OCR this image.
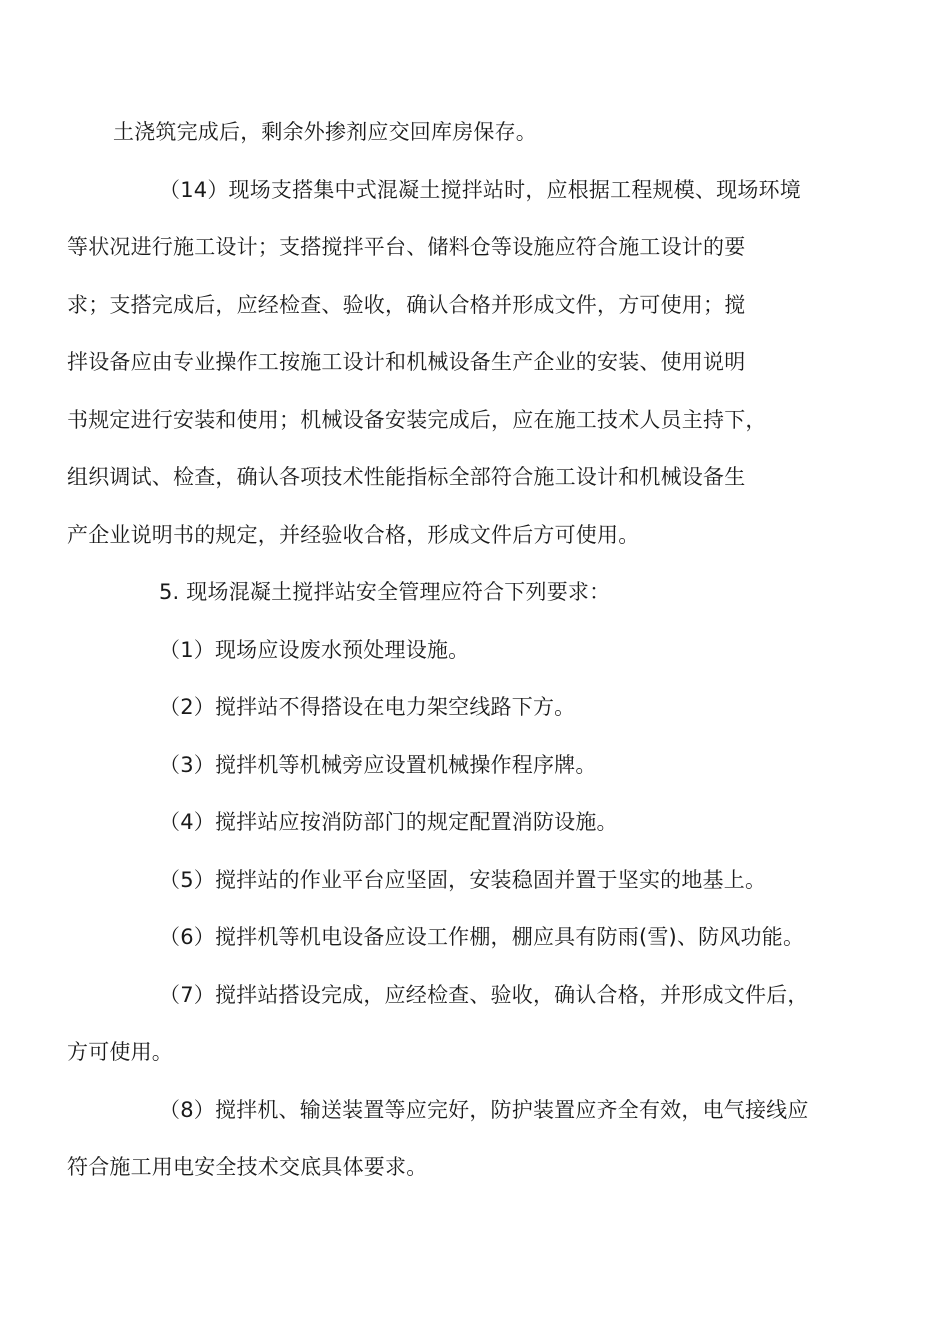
土浇筑完成后，剩余外掺剂应交回库房保存。

（14）现场支搭集中式混凝土搅拌站时，应根据工程规模、现场环境
等状况进行施工设计；支搭搅拌平台、储料仓等设施应符合施工设计的要
求；支搭完成后，应经检查、验收，确认合格并形成文件，方可使用；搅
拌设备应由专业操作工按施工设计和机械设备生产企业的安装、使用说明
书规定进行安装和使用；机械设备安装完成后，应在施工技术人员主持下，
组织调试、检查，确认各项技术性能指标全部符合施工设计和机械设备生
产企业说明书的规定，并经验收合格，形成文件后方可使用。

5. 现场混凝土搅拌站安全管理应符合下列要求：

（1）现场应设废水预处理设施。

（2）搅拌站不得搭设在电力架空线路下方。

（3）搅拌机等机械旁应设置机械操作程序牌。

（4）搅拌站应按消防部门的规定配置消防设施。

（5）搅拌站的作业平台应坚固，安装稳固并置于坚实的地基上。

（6）搅拌机等机电设备应设工作棚，棚应具有防雨(雪)、防风功能。

（7）搅拌站搭设完成，应经检查、验收，确认合格，并形成文件后，
方可使用。

（8）搅拌机、输送装置等应完好，防护装置应齐全有效，电气接线应
符合施工用电安全技术交底具体要求。
